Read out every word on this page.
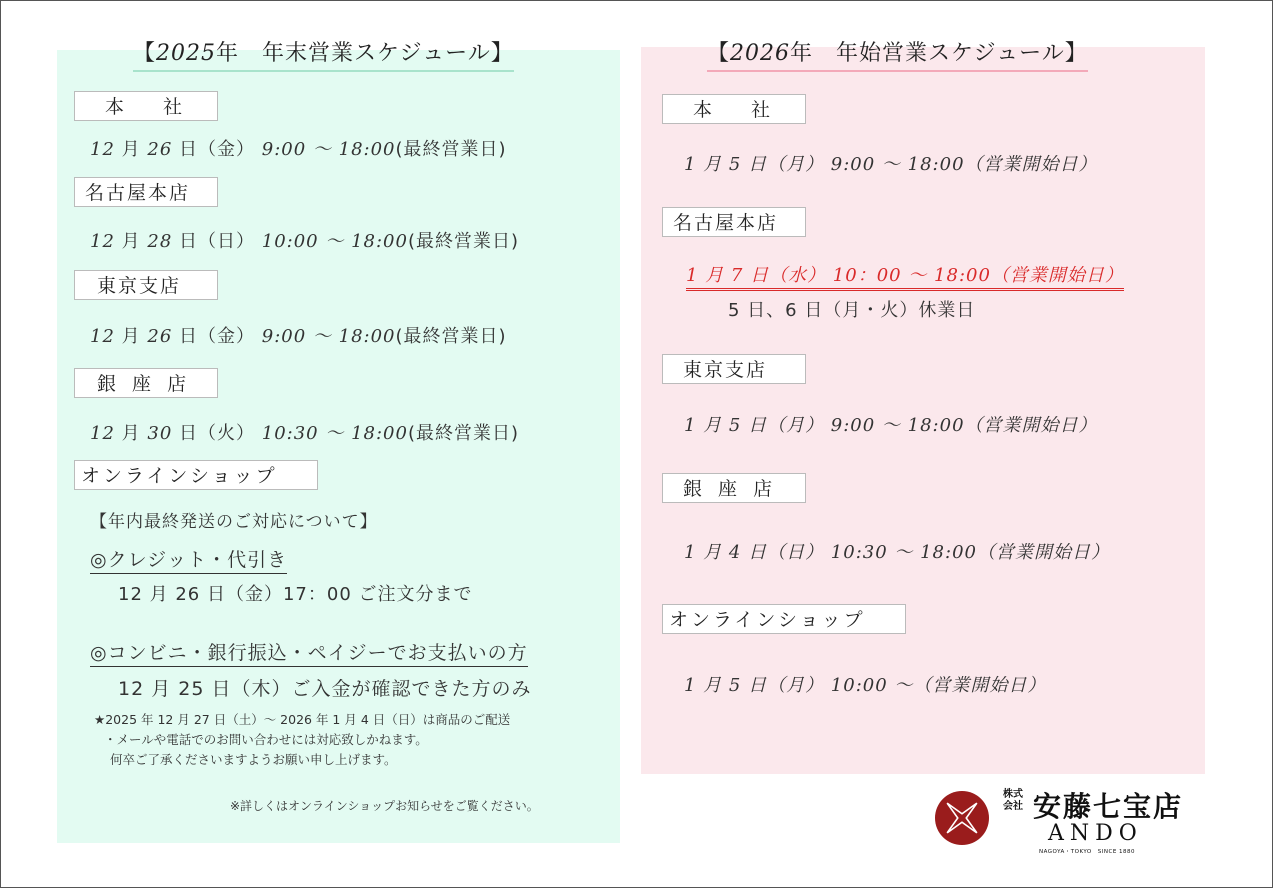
【2025年　年末営業スケジュール】
本　社
12 月 26 日（金） 9:00 〜 18:00(最終営業日)
名古屋本店
12 月 28 日（日） 10:00 〜 18:00(最終営業日)
東京支店
12 月 26 日（金） 9:00 〜 18:00(最終営業日)
銀 座 店
12 月 30 日（火） 10:30 〜 18:00(最終営業日)
オンラインショップ
【年内最終発送のご対応について】
◎クレジット・代引き
12 月 26 日（金）17：00 ご注文分まで
◎コンビニ・銀行振込・ペイジーでお支払いの方
12 月 25 日（木）ご入金が確認できた方のみ
★2025 年 12 月 27 日（土）〜 2026 年 1 月 4 日（日）は商品のご配送
・メールや電話でのお問い合わせには対応致しかねます。
何卒ご了承くださいますようお願い申し上げます。
※詳しくはオンラインショップお知らせをご覧ください。
【2026年　年始営業スケジュール】
本　社
1 月 5 日（月） 9:00 〜 18:00（営業開始日）
名古屋本店
1 月 7 日（水） 10：00 〜 18:00（営業開始日）
5 日、6 日（月・火）休業日
東京支店
1 月 5 日（月） 9:00 〜 18:00（営業開始日）
銀 座 店
1 月 4 日（日） 10:30 〜 18:00（営業開始日）
オンラインショップ
1 月 5 日（月） 10:00 〜（営業開始日）
株式会社 安藤七宝店
ANDO
NAGOYA・TOKYO　SINCE 1880
